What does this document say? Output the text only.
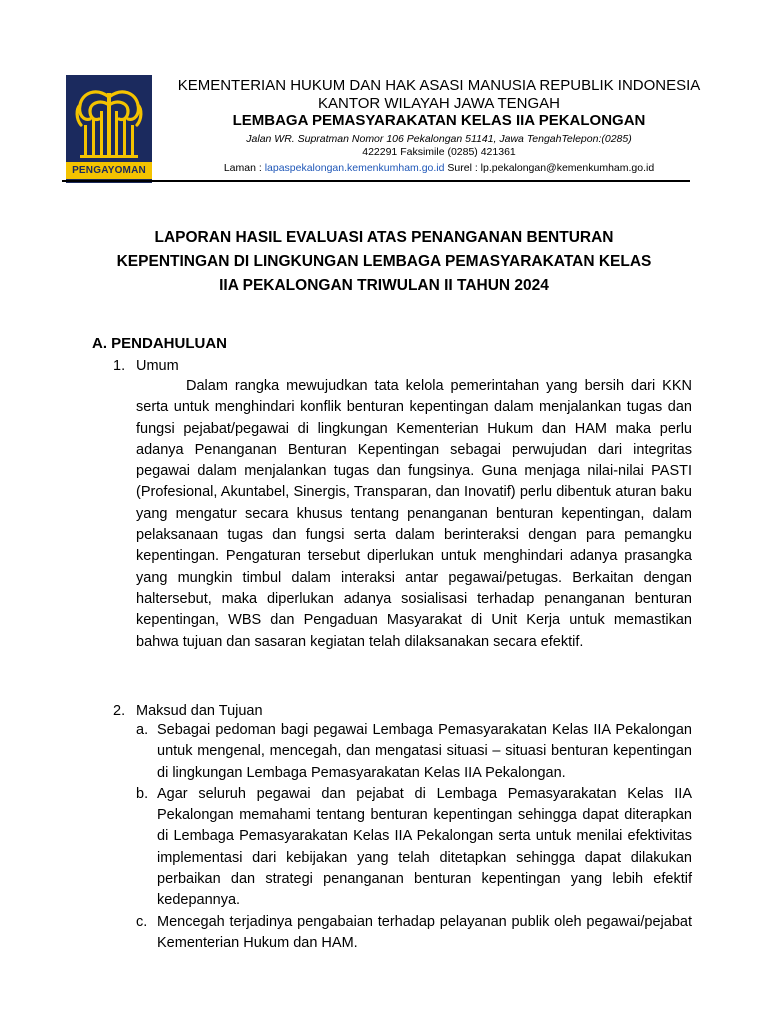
PENGAYOMAN
KEMENTERIAN HUKUM DAN HAK ASASI MANUSIA REPUBLIK INDONESIA
KANTOR WILAYAH JAWA TENGAH
LEMBAGA PEMASYARAKATAN KELAS IIA PEKALONGAN
Jalan WR. Supratman Nomor 106 Pekalongan 51141, Jawa TengahTelepon:(0285)
422291 Faksimile (0285) 421361
Laman : lapaspekalongan.kemenkumham.go.id Surel : lp.pekalongan@kemenkumham.go.id
LAPORAN HASIL EVALUASI ATAS PENANGANAN BENTURAN
KEPENTINGAN DI LINGKUNGAN LEMBAGA PEMASYARAKATAN KELAS
IIA PEKALONGAN TRIWULAN II TAHUN 2024
A. PENDAHULUAN
1. Umum

Dalam rangka mewujudkan tata kelola pemerintahan yang bersih dari KKN serta untuk menghindari konflik benturan kepentingan dalam menjalankan tugas dan fungsi pejabat/pegawai di lingkungan Kementerian Hukum dan HAM maka perlu adanya Penanganan Benturan Kepentingan sebagai perwujudan dari integritas pegawai dalam menjalankan tugas dan fungsinya. Guna menjaga nilai-nilai PASTI (Profesional, Akuntabel, Sinergis, Transparan, dan Inovatif) perlu dibentuk aturan baku yang mengatur secara khusus tentang penanganan benturan kepentingan, dalam pelaksanaan tugas dan fungsi serta dalam berinteraksi dengan para pemangku kepentingan. Pengaturan tersebut diperlukan untuk menghindari adanya prasangka yang mungkin timbul dalam interaksi antar pegawai/petugas. Berkaitan dengan haltersebut, maka diperlukan adanya sosialisasi terhadap penanganan benturan kepentingan, WBS dan Pengaduan Masyarakat di Unit Kerja untuk memastikan bahwa tujuan dan sasaran kegiatan telah dilaksanakan secara efektif.

2. Maksud dan Tujuan
a. Sebagai pedoman bagi pegawai Lembaga Pemasyarakatan Kelas IIA Pekalongan untuk mengenal, mencegah, dan mengatasi situasi – situasi benturan kepentingan di lingkungan Lembaga Pemasyarakatan Kelas IIA Pekalongan.
b. Agar seluruh pegawai dan pejabat di Lembaga Pemasyarakatan Kelas IIA Pekalongan memahami tentang benturan kepentingan sehingga dapat diterapkan di Lembaga Pemasyarakatan Kelas IIA Pekalongan serta untuk menilai efektivitas implementasi dari kebijakan yang telah ditetapkan sehingga dapat dilakukan perbaikan dan strategi penanganan benturan kepentingan yang lebih efektif kedepannya.
c. Mencegah terjadinya pengabaian terhadap pelayanan publik oleh pegawai/pejabat Kementerian Hukum dan HAM.
